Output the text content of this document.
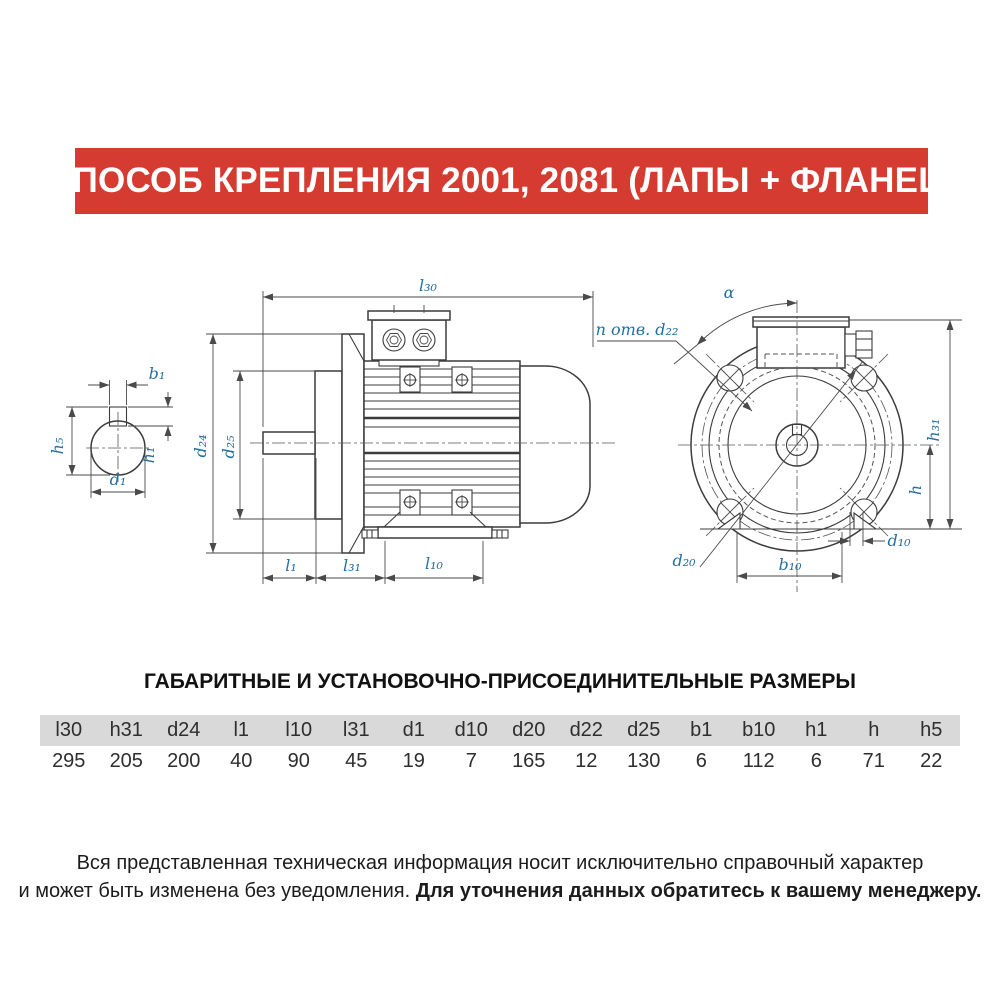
СПОСОБ КРЕПЛЕНИЯ 2001, 2081 (ЛАПЫ + ФЛАНЕЦ)
b₁
h₅
h₁
d₁
l₃₀
d₂₄ d₂₅
l₁	l₃₁	l₁₀	d₂₀
n отв. d₂₂
α
d₁₀
b₁₀
h
h₃₁
ГАБАРИТНЫЕ И УСТАНОВОЧНО-ПРИСОЕДИНИТЕЛЬНЫЕ РАЗМЕРЫ
l30	h31	d24	l1	l10	l31	d1	d10	d20	d22	d25	b1	b10	h1	h	h5
295	205	200	40	90	45	19	7	165	12	130	6	112	6	71	22
Вся представленная техническая информация носит исключительно справочный характер
и может быть изменена без уведомления. Для уточнения данных обратитесь к вашему менеджеру.
